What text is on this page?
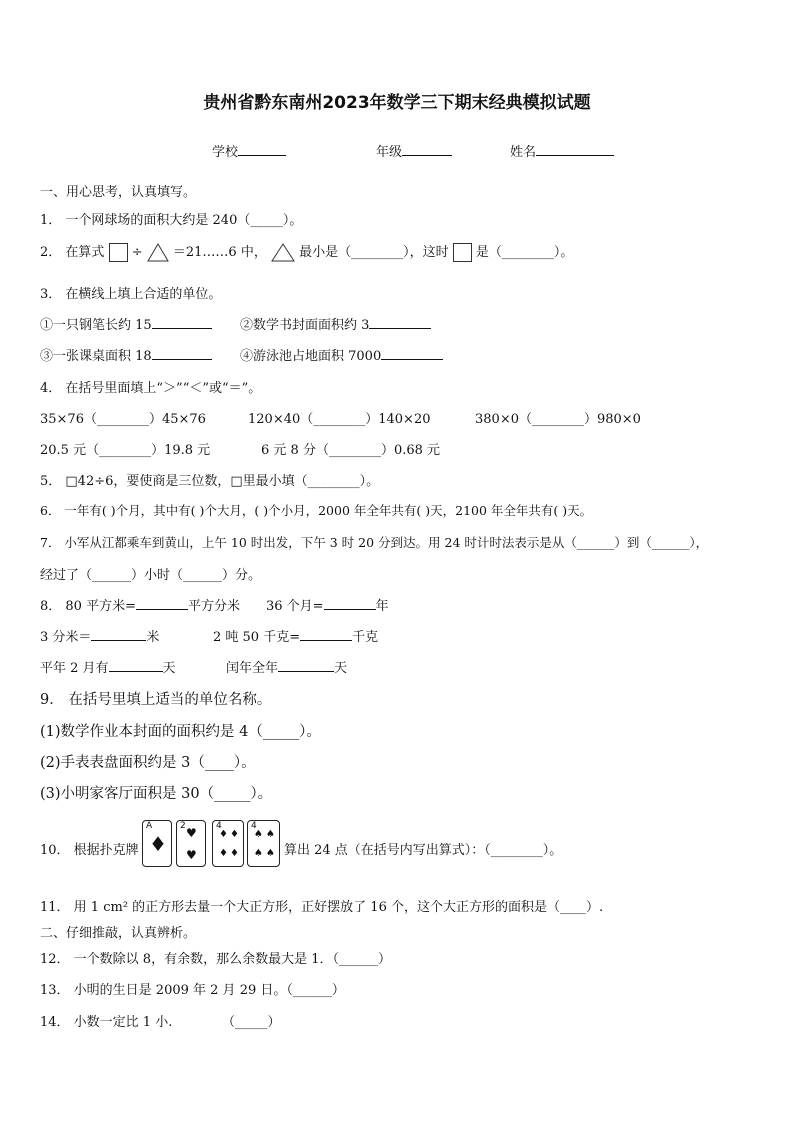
贵州省黔东南州2023年数学三下期末经典模拟试题
学校	年级	姓名
一、用心思考，认真填写。
1． 一个网球场的面积大约是 240（_____）。
2． 在算式 ÷ ＝21……6 中， 最小是（________），这时 是（________）。
3． 在横线上填上合适的单位。
①一只钢笔长约 15	②数学书封面面积约 3
③一张课桌面积 18	④游泳池占地面积 7000
4． 在括号里面填上“＞”“＜”或“＝”。
35×76（________）45×76	120×40（________）140×20	380×0（________）980×0
20.5 元（________）19.8 元	6 元 8 分（________）0.68 元
5． □42÷6，要使商是三位数，□里最小填（________）。
6． 一年有( )个月，其中有( )个大月，( )个小月，2000 年全年共有( )天，2100 年全年共有( )天。
7． 小军从江都乘车到黄山，上午 10 时出发，下午 3 时 20 分到达。用 24 时计时法表示是从（______）到（______），
经过了（______）小时（______）分。
8． 80 平方米=	平方分米 36 个月=	年
3 分米＝	米	2 吨 50 千克=	千克
平年 2 月有	天	闰年全年	天
9． 在括号里填上适当的单位名称。
(1)数学作业本封面的面积约是 4（_____）。
(2)手表表盘面积约是 3（____）。
(3)小明家客厅面积是 30（_____）。
10． 根据扑克牌
A
♦
2 ♥
♥
4
♦ ♦
♦ ♦
4
♠ ♠
♠ ♠ 算出 24 点（在括号内写出算式）：（________）。
11． 用 1 cm² 的正方形去量一个大正方形，正好摆放了 16 个，这个大正方形的面积是（____）.
二、仔细推敲，认真辨析。
12． 一个数除以 8，有余数，那么余数最大是 1．（______）
13． 小明的生日是 2009 年 2 月 29 日。（______）
14． 小数一定比 1 小.	（_____）
